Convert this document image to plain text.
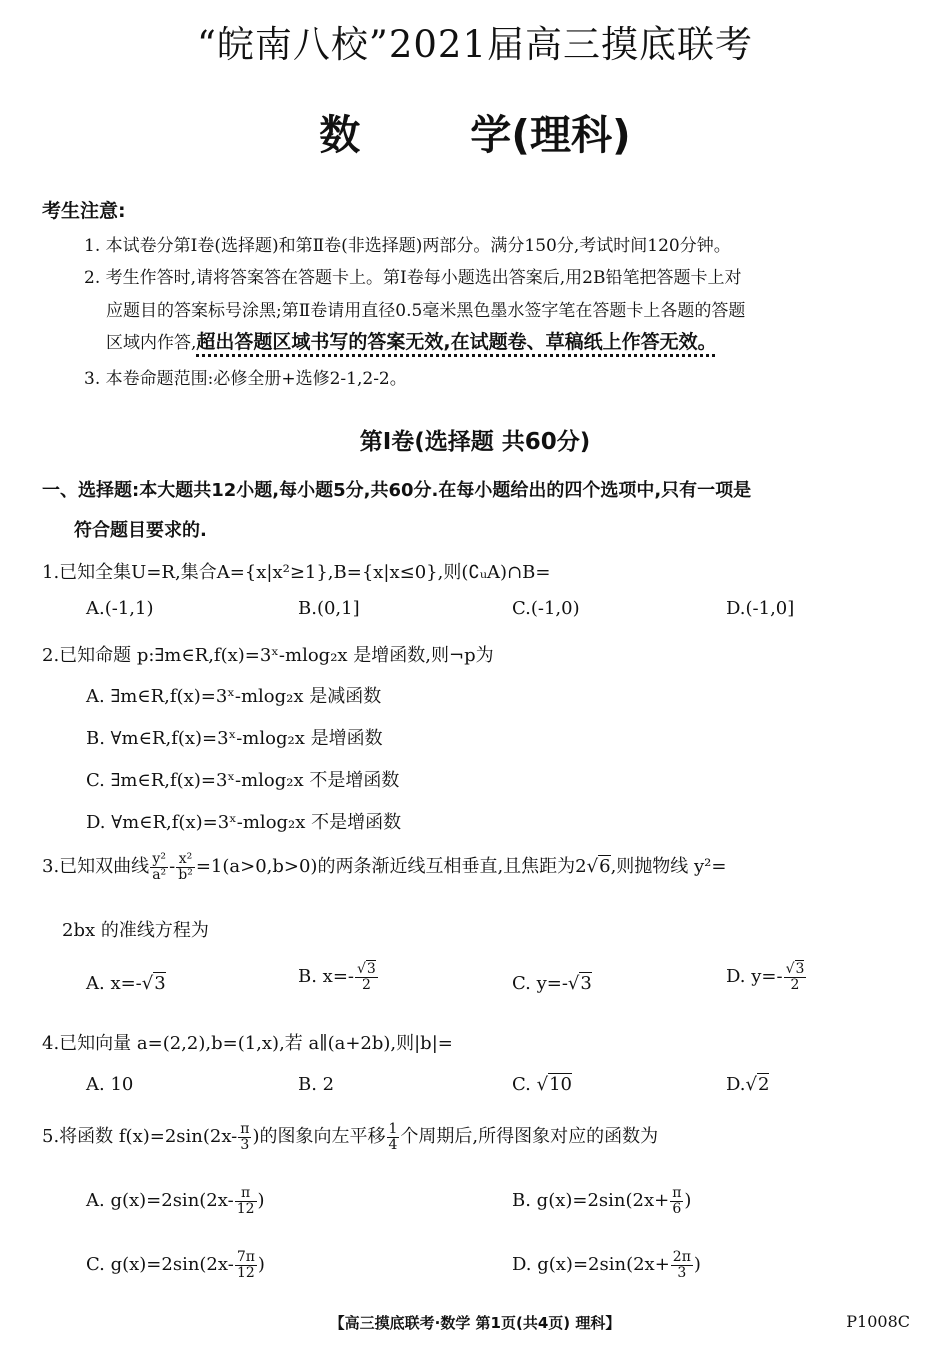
“皖南八校”2021届高三摸底联考
数	学(理科)
考生注意:
1. 本试卷分第Ⅰ卷(选择题)和第Ⅱ卷(非选择题)两部分。满分150分,考试时间120分钟。
2. 考生作答时,请将答案答在答题卡上。第Ⅰ卷每小题选出答案后,用2B铅笔把答题卡上对
应题目的答案标号涂黑;第Ⅱ卷请用直径0.5毫米黑色墨水签字笔在答题卡上各题的答题
区域内作答,超出答题区域书写的答案无效,在试题卷、草稿纸上作答无效。
3. 本卷命题范围:必修全册+选修2-1,2-2。
第Ⅰ卷(选择题 共60分)
一、选择题:本大题共12小题,每小题5分,共60分.在每小题给出的四个选项中,只有一项是
符合题目要求的.
1.已知全集U=R,集合A={x|x²≥1},B={x|x≤0},则(∁ᵤA)∩B=
A.(-1,1)	B.(0,1]	C.(-1,0)	D.(-1,0]
2.已知命题 p:∃m∈R,f(x)=3ˣ-mlog₂x 是增函数,则¬p为
A. ∃m∈R,f(x)=3ˣ-mlog₂x 是减函数
B. ∀m∈R,f(x)=3ˣ-mlog₂x 是增函数
C. ∃m∈R,f(x)=3ˣ-mlog₂x 不是增函数
D. ∀m∈R,f(x)=3ˣ-mlog₂x 不是增函数
3.已知双曲线 $\frac{\text{y²}}{\text{a²}} - \frac{\text{x²}}{\text{b²}} =1(a>0,b>0)$的两条渐近线互相垂直,且焦距为2√6,则抛物线 y²=
2bx 的准线方程为
A. x=-√3	B. $x=- \frac{√3}{2}$	C. y=-√3	D. $y=- \frac{√3}{2}$
4.已知向量 a=(2,2),b=(1,x),若 a∥(a+2b),则|b|=
A. 10	B. 2	C. √10	D.√2
5.将函数 $f(x)=2\sin(2x- \frac{\pi}{3}$ )的图象向左平移 $\frac{1}{4}$ 个周期后,所得图象对应的函数为
A. $g(x)=2\sin(2x- \frac{\pi}{12}$ )	B. $g(x)=2\sin(2x+ \frac{\pi}{6}$ )
C. $g(x)=2\sin(2x- \frac{7\pi}{12}$ )	D. $g(x)=2\sin(2x+ \frac{2\pi}{3}$ )
【高三摸底联考·数学 第1页(共4页) 理科】	P1008C
